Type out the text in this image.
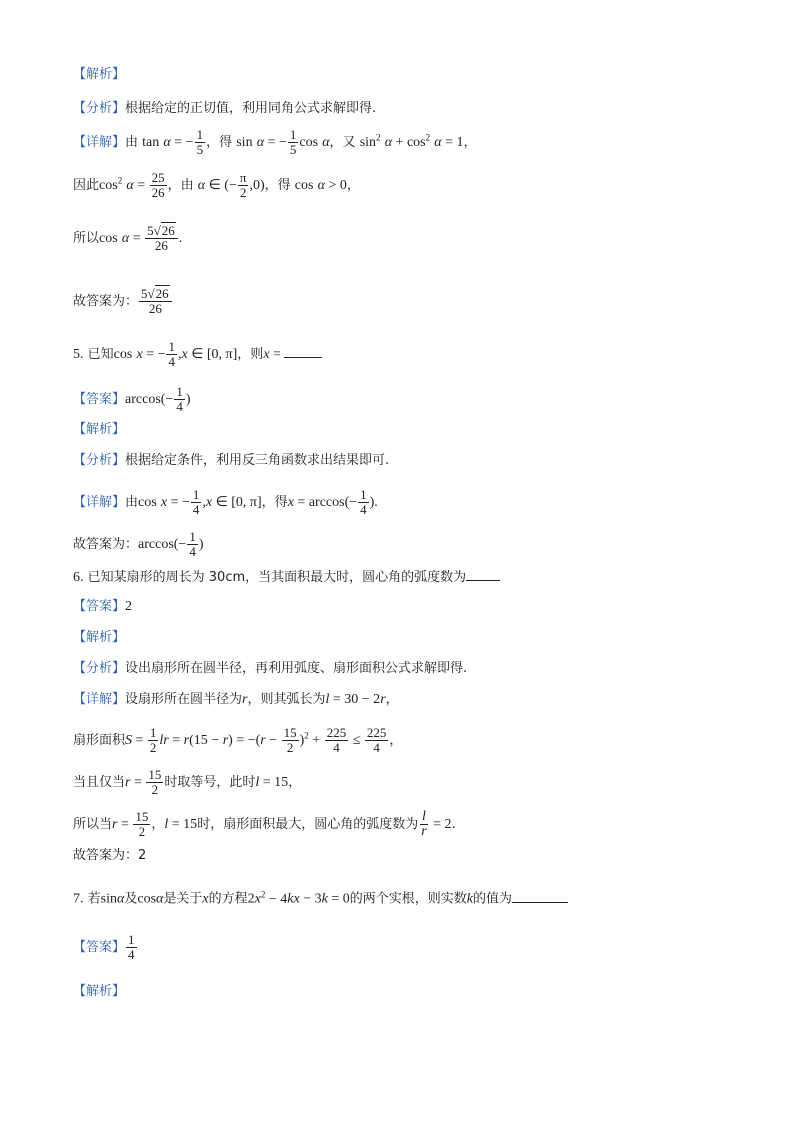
【解析】
【分析】根据给定的正切值，利用同角公式求解即得.
【详解】由 tan α = − $\frac{1}{5}$ ，得 sin α = − $\frac{1}{5}$ cos α，又 $\sin^2 \alpha + \cos^2 \alpha = 1$，
因此$\cos^2 \alpha = \frac{25}{26}$ ，由 α ∈ (− $\frac{\pi}{2} ,0$)，得 cos α > 0，
所以$\cos \alpha = \frac{5√26}{26}$ .
故答案为： $\frac{5√26}{26}$
5. 已知cos x = − $\frac{1}{4} ,x$ ∈ [0, π]，则x =
【答案】$\arccos(- \frac{1}{4}$ )
【解析】
【分析】根据给定条件，利用反三角函数求出结果即可.
【详解】由cos x = − $\frac{1}{4} ,x$ ∈ [0, π]，得$x = \arccos(- \frac{1}{4}$ ).
故答案为：$\arccos(- \frac{1}{4}$ )
6. 已知某扇形的周长为 30cm，当其面积最大时，圆心角的弧度数为
【答案】2
【解析】
【分析】设出扇形所在圆半径，再利用弧度、扇形面积公式求解即得.
【详解】设扇形所在圆半径为r，则其弧长为l = 30 − 2r，
扇形面积$S = \frac{1}{2}$ lr = $r(15 - r) = -(r - \frac{15}{2} )^2 + \frac{225}{4} \le \frac{225}{4}$ ，
当且仅当$r = \frac{15}{2}$ 时取等号，此时l = 15，
所以当$r = \frac{15}{2}$ ，l = 15时，扇形面积最大，圆心角的弧度数为 $\frac{l}{r} = 2$.
故答案为：2
7. 若sinα及cosα是关于x的方程$2x^2 - 4kx - 3k = 0$的两个实根，则实数k的值为
【答案】 $\frac{1}{4}$
【解析】
